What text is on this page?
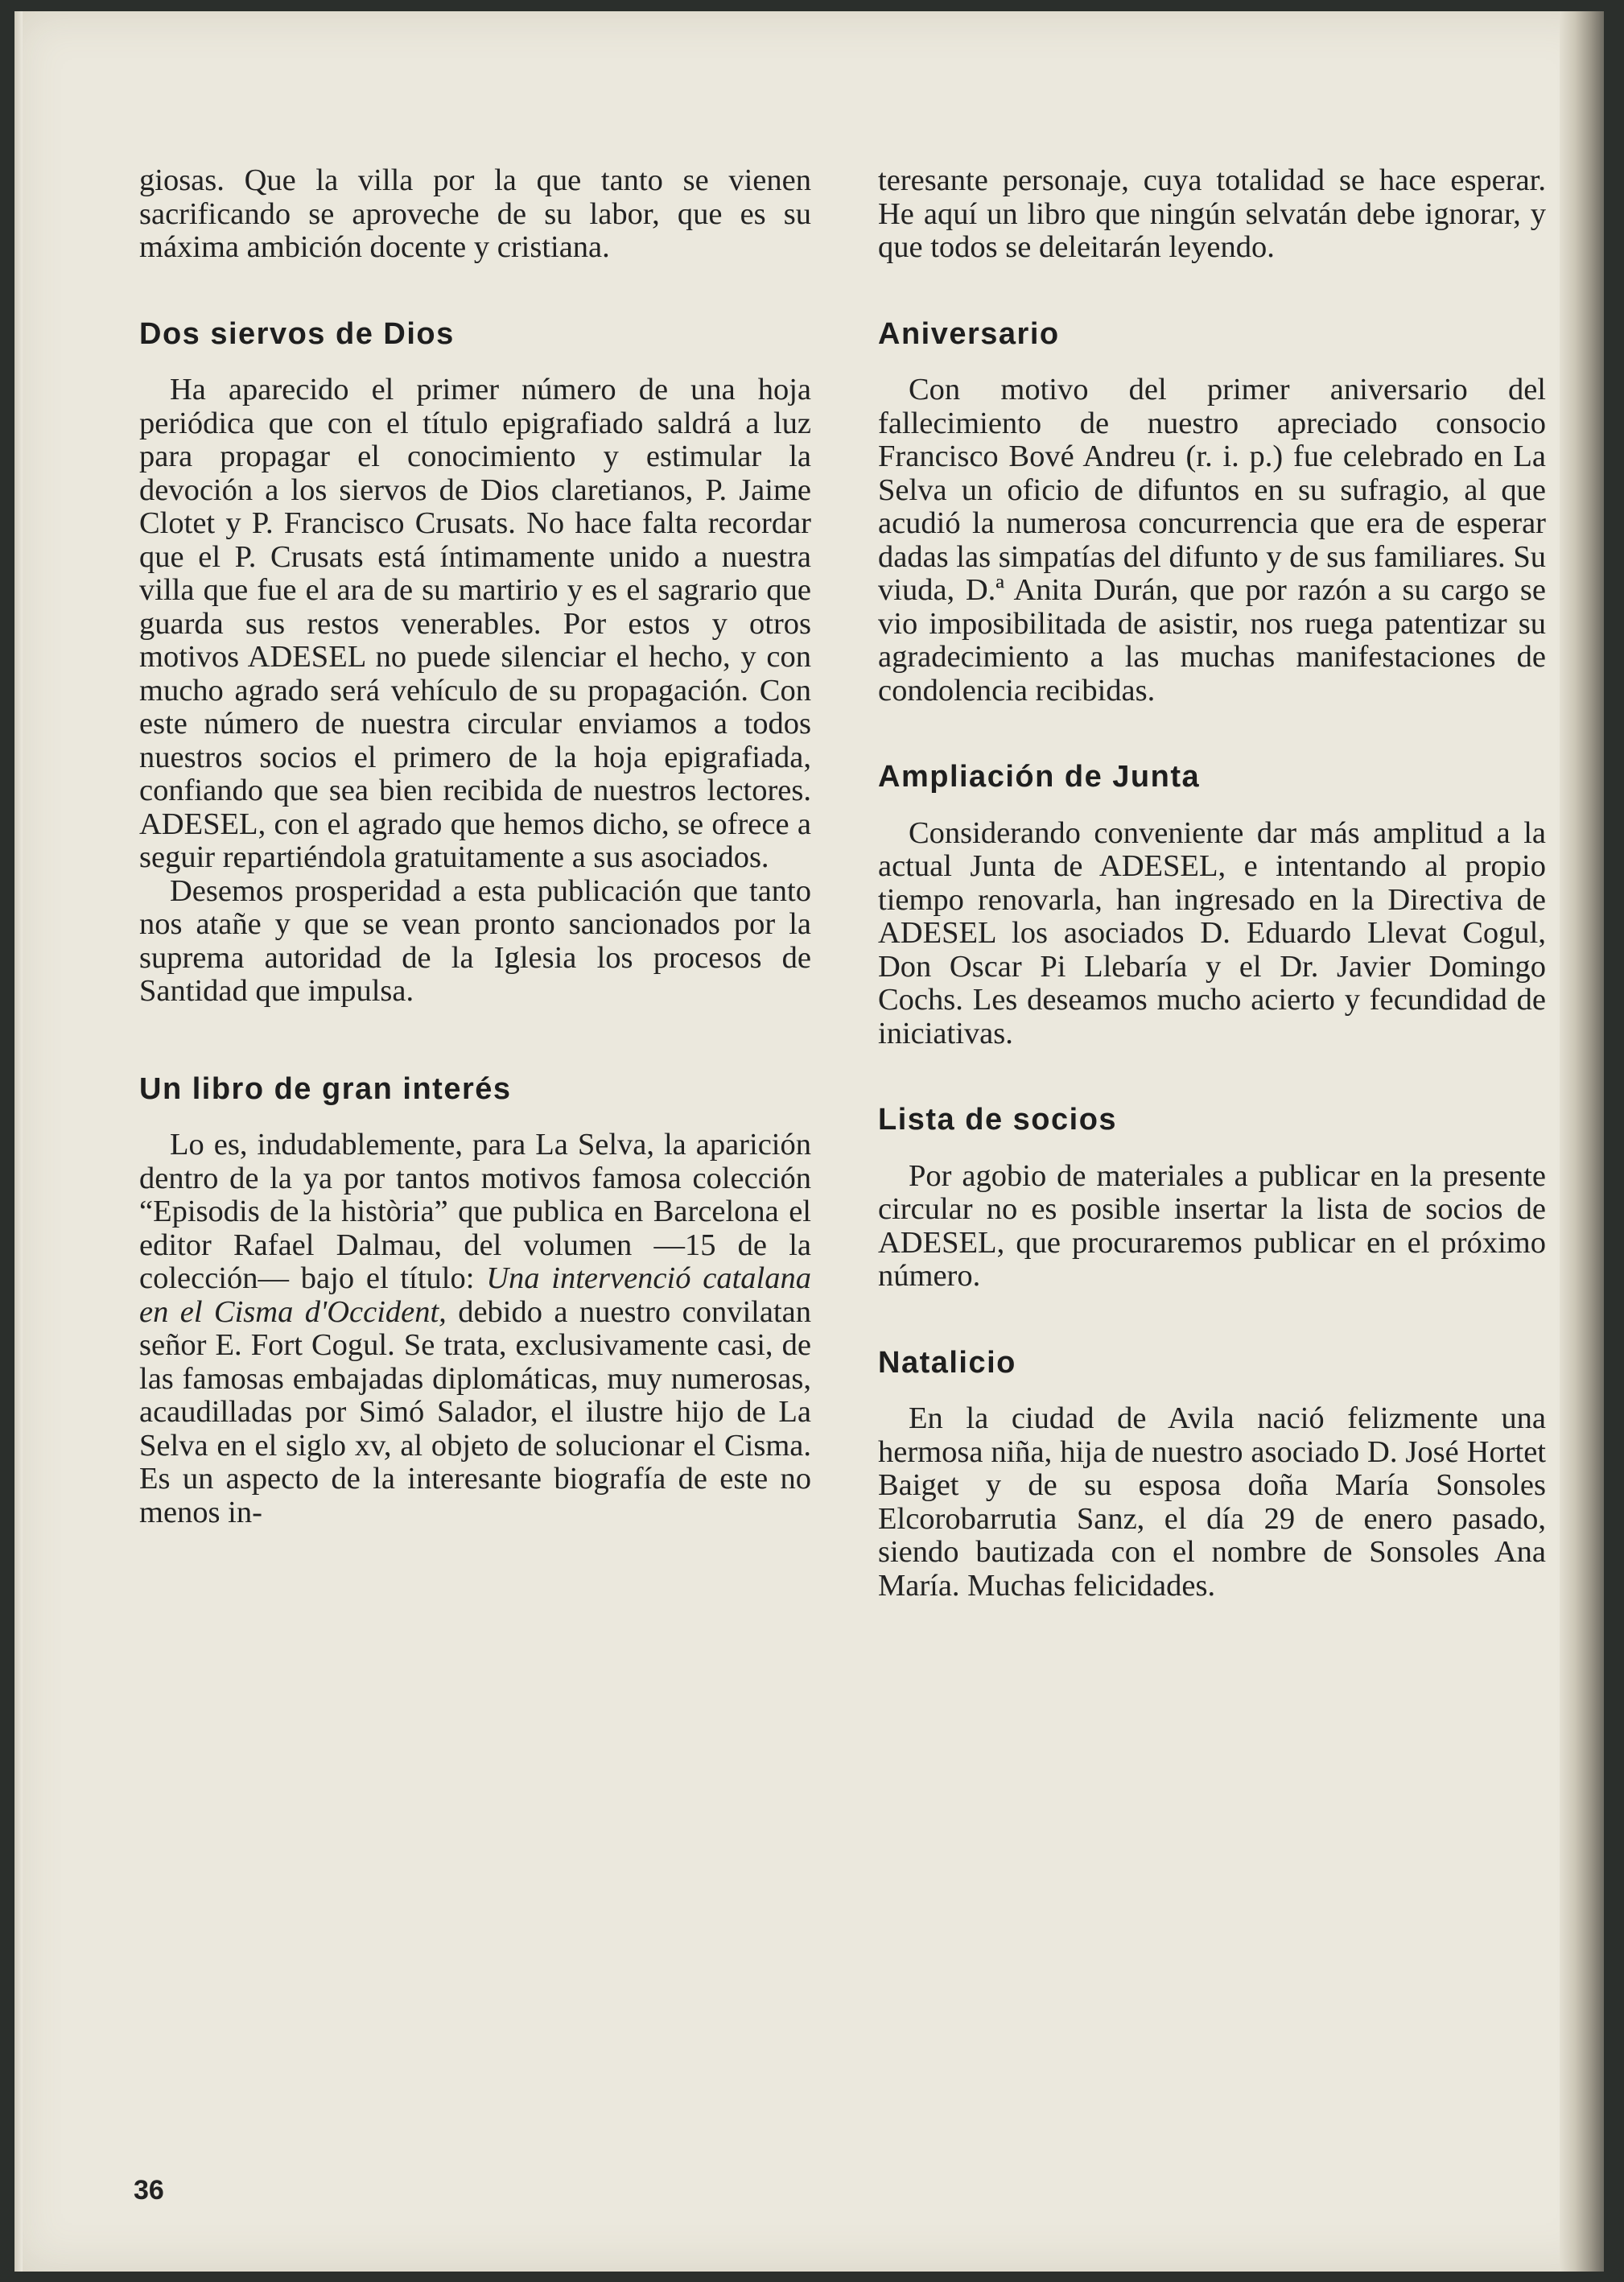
giosas. Que la villa por la que tanto se vienen sacrificando se aproveche de su labor, que es su máxima ambición docente y cristiana.

Dos siervos de Dios

Ha aparecido el primer número de una hoja periódica que con el título epigrafiado saldrá a luz para propagar el conocimiento y estimular la devoción a los siervos de Dios claretianos, P. Jaime Clotet y P. Francisco Crusats. No hace falta recordar que el P. Crusats está íntimamente unido a nuestra villa que fue el ara de su martirio y es el sagrario que guarda sus restos venerables. Por estos y otros motivos ADESEL no puede silenciar el hecho, y con mucho agrado será vehículo de su propagación. Con este número de nuestra circular enviamos a todos nuestros socios el primero de la hoja epigrafiada, confiando que sea bien recibida de nuestros lectores. ADESEL, con el agrado que hemos dicho, se ofrece a seguir repartiéndola gratuitamente a sus asociados.

Desemos prosperidad a esta publicación que tanto nos atañe y que se vean pronto sancionados por la suprema autoridad de la Iglesia los procesos de Santidad que impulsa.

Un libro de gran interés

Lo es, indudablemente, para La Selva, la aparición dentro de la ya por tantos motivos famosa colección “Episodis de la història” que publica en Barcelona el editor Rafael Dalmau, del volumen —15 de la colección— bajo el título: Una intervenció catalana en el Cisma d'Occident, debido a nuestro convilatan señor E. Fort Cogul. Se trata, exclusivamente casi, de las famosas embajadas diplomáticas, muy numerosas, acaudilladas por Simó Salador, el ilustre hijo de La Selva en el siglo xv, al objeto de solucionar el Cisma. Es un aspecto de la interesante biografía de este no menos in-

teresante personaje, cuya totalidad se hace esperar. He aquí un libro que ningún selvatán debe ignorar, y que todos se deleitarán leyendo.

Aniversario

Con motivo del primer aniversario del fallecimiento de nuestro apreciado consocio Francisco Bové Andreu (r. i. p.) fue celebrado en La Selva un oficio de difuntos en su sufragio, al que acudió la numerosa concurrencia que era de esperar dadas las simpatías del difunto y de sus familiares. Su viuda, D.ª Anita Durán, que por razón a su cargo se vio imposibilitada de asistir, nos ruega patentizar su agradecimiento a las muchas manifestaciones de condolencia recibidas.

Ampliación de Junta

Considerando conveniente dar más amplitud a la actual Junta de ADESEL, e intentando al propio tiempo renovarla, han ingresado en la Directiva de ADESEL los asociados D. Eduardo Llevat Cogul, Don Oscar Pi Llebaría y el Dr. Javier Domingo Cochs. Les deseamos mucho acierto y fecundidad de iniciativas.

Lista de socios

Por agobio de materiales a publicar en la presente circular no es posible insertar la lista de socios de ADESEL, que procuraremos publicar en el próximo número.

Natalicio

En la ciudad de Avila nació felizmente una hermosa niña, hija de nuestro asociado D. José Hortet Baiget y de su esposa doña María Sonsoles Elcorobarrutia Sanz, el día 29 de enero pasado, siendo bautizada con el nombre de Sonsoles Ana María. Muchas felicidades.

36
